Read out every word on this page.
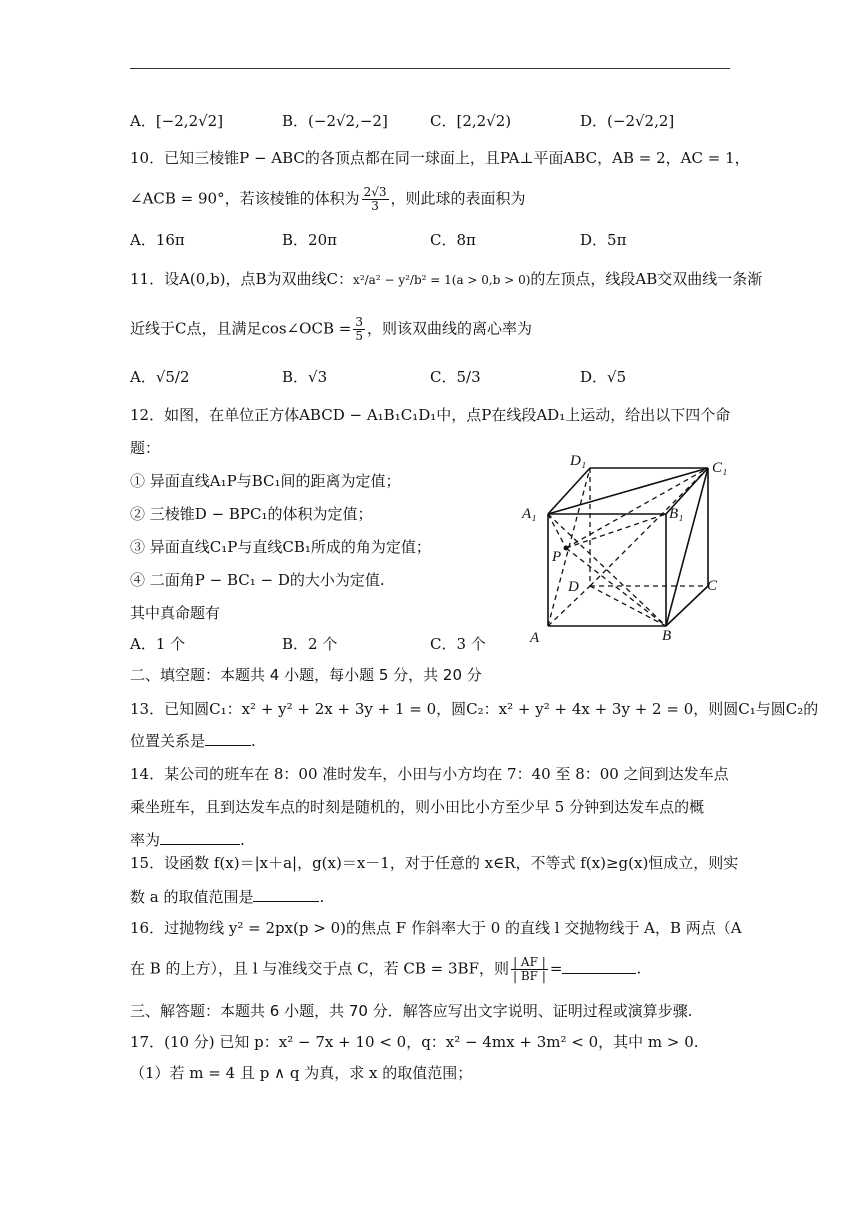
A．[−2,2√2]	B．(−2√2,−2]	C．[2,2√2)	D．(−2√2,2]
10．已知三棱锥P − ABC的各顶点都在同一球面上，且PA⊥平面ABC，AB = 2，AC = 1，
∠ACB = 90°，若该棱锥的体积为 $\frac{2√3}{3}$ ，则此球的表面积为
A．16π	B．20π	C．8π	D．5π
11．设A(0,b)，点B为双曲线C：x²/a² − y²/b² = 1(a > 0,b > 0)的左顶点，线段AB交双曲线一条渐
近线于C点，且满足cos∠OCB = $\frac{3}{5}$ ，则该双曲线的离心率为
A．√5/2	B．√3	C．5/3	D．√5
12．如图，在单位正方体ABCD − A₁B₁C₁D₁中，点P在线段AD₁上运动，给出以下四个命
题：
① 异面直线A₁P与BC₁间的距离为定值；
② 三棱锥D − BPC₁的体积为定值；
③ 异面直线C₁P与直线CB₁所成的角为定值；
④ 二面角P − BC₁ − D的大小为定值.
其中真命题有
A．1 个	B．2 个	C．3 个
D₁	C₁
A₁	B₁
P
D	C
A	B
二、填空题：本题共 4 小题，每小题 5 分，共 20 分
13．已知圆C₁：x² + y² + 2x + 3y + 1 = 0，圆C₂：x² + y² + 4x + 3y + 2 = 0，则圆C₁与圆C₂的
位置关系是	.
14．某公司的班车在 8：00 准时发车，小田与小方均在 7：40 至 8：00 之间到达发车点
乘坐班车，且到达发车点的时刻是随机的，则小田比小方至少早 5 分钟到达发车点的概
率为	.
15．设函数 f(x)＝|x＋a|，g(x)＝x－1，对于任意的 x∈R，不等式 f(x)≥g(x)恒成立，则实
数 a 的取值范围是	.
16．过抛物线 y² = 2px(p > 0)的焦点 F 作斜率大于 0 的直线 l 交抛物线于 A，B 两点（A
在 B 的上方），且 l 与准线交于点 C，若 CB = 3BF，则 $\frac{| AF |}{| BF |}$ =	.
三、解答题：本题共 6 小题，共 70 分．解答应写出文字说明、证明过程或演算步骤.
17．(10 分) 已知 p：x² − 7x + 10 < 0，q：x² − 4mx + 3m² < 0，其中 m > 0.
（1）若 m = 4 且 p ∧ q 为真，求 x 的取值范围；
